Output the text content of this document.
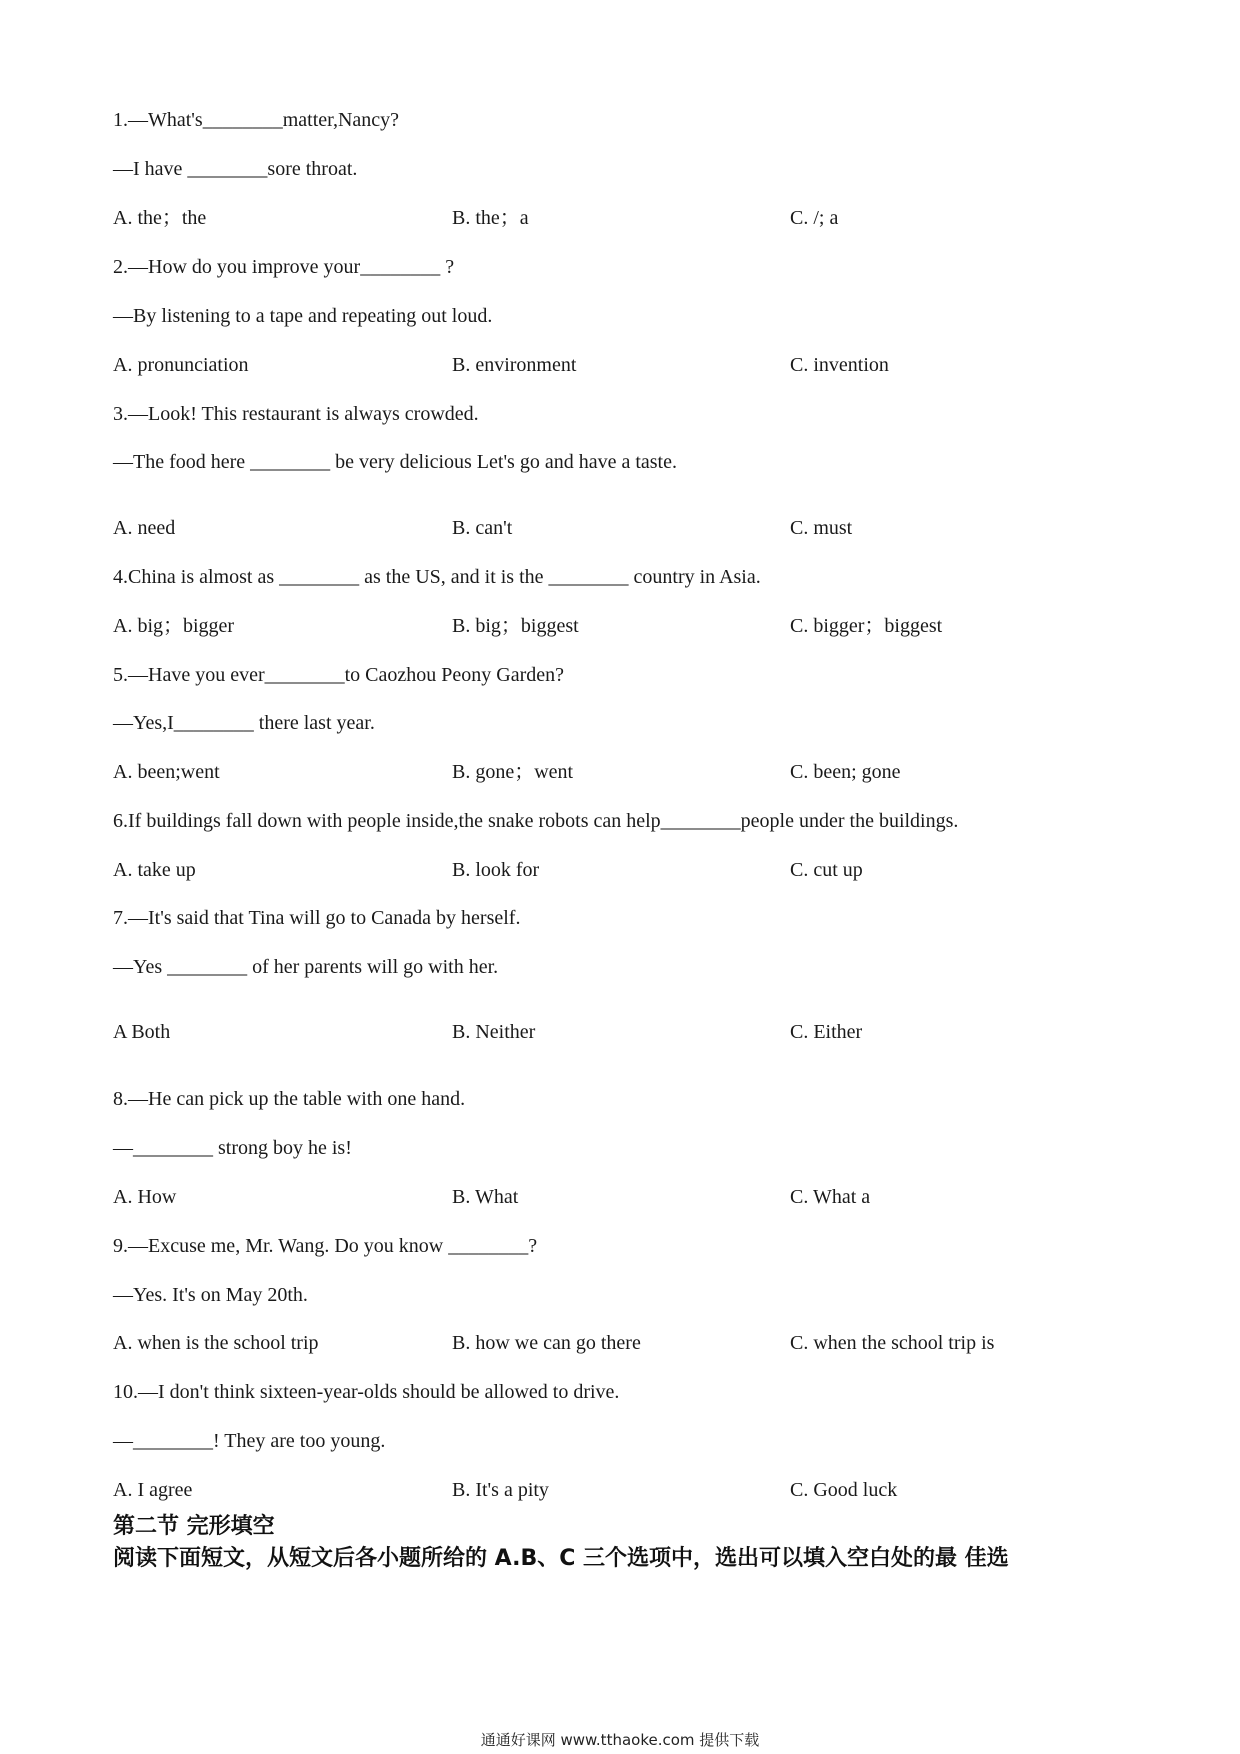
1.—What's________matter,Nancy?
—I have ________sore throat.
A. the；the	B. the；a	C. /; a
2.—How do you improve your________ ?
—By listening to a tape and repeating out loud.
A. pronunciation	B. environment	C. invention
3.—Look! This restaurant is always crowded.
—The food here ________ be very delicious Let's go and have a taste.
A. need	B. can't	C. must
4.China is almost as ________ as the US, and it is the ________ country in Asia.
A. big；bigger	B. big；biggest	C. bigger；biggest
5.—Have you ever________to Caozhou Peony Garden?
—Yes,I________ there last year.
A. been;went	B. gone；went	C. been; gone
6.If buildings fall down with people inside,the snake robots can help________people under the buildings.
A. take up	B. look for	C. cut up
7.—It's said that Tina will go to Canada by herself.
—Yes ________ of her parents will go with her.
A Both	B. Neither	C. Either
8.—He can pick up the table with one hand.
—________ strong boy he is!
A. How	B. What	C. What a
9.—Excuse me, Mr. Wang. Do you know ________?
—Yes. It's on May 20th.
A. when is the school trip	B. how we can go there	C. when the school trip is
10.—I don't think sixteen-year-olds should be allowed to drive.
—________! They are too young.
A. I agree	B. It's a pity	C. Good luck
第二节 完形填空
阅读下面短文，从短文后各小题所给的 A.B、C 三个选项中，选出可以填入空白处的最 佳选
通通好课网 www.tthaoke.com 提供下载
